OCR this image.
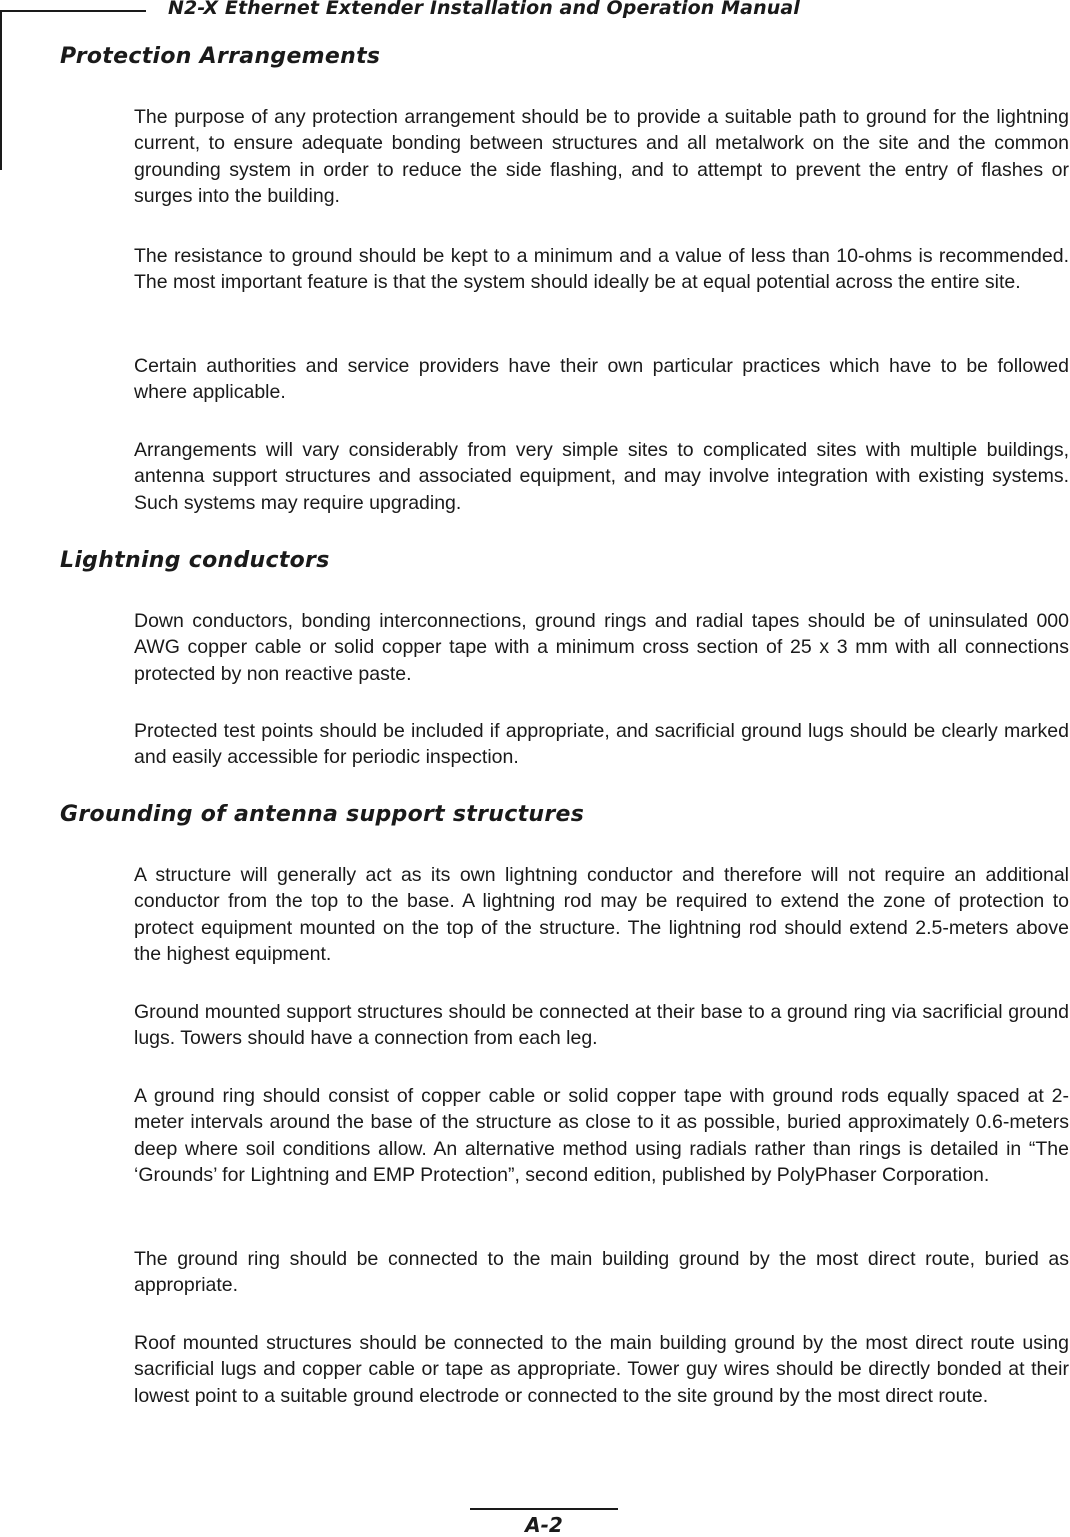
N2-X Ethernet Extender Installation and Operation Manual
Protection Arrangements

The purpose of any protection arrangement should be to provide a suitable path to ground for the lightning current, to ensure adequate bonding between structures and all metalwork on the site and the common grounding system in order to reduce the side flashing, and to attempt to prevent the entry of flashes or surges into the building.

The resistance to ground should be kept to a minimum and a value of less than 10-ohms is recommended. The most important feature is that the system should ideally be at equal potential across the entire site.

Certain authorities and service providers have their own particular practices which have to be followed where applicable.

Arrangements will vary considerably from very simple sites to complicated sites with multiple buildings, antenna support structures and associated equipment, and may involve integration with existing systems. Such systems may require upgrading.

Lightning conductors

Down conductors, bonding interconnections, ground rings and radial tapes should be of uninsulated 000 AWG copper cable or solid copper tape with a minimum cross section of 25 x 3 mm with all connections protected by non reactive paste.

Protected test points should be included if appropriate, and sacrificial ground lugs should be clearly marked and easily accessible for periodic inspection.

Grounding of antenna support structures

A structure will generally act as its own lightning conductor and therefore will not require an additional conductor from the top to the base. A lightning rod may be required to extend the zone of protection to protect equipment mounted on the top of the structure. The lightning rod should extend 2.5-meters above the highest equipment.

Ground mounted support structures should be connected at their base to a ground ring via sacrificial ground lugs. Towers should have a connection from each leg.

A ground ring should consist of copper cable or solid copper tape with ground rods equally spaced at 2-meter intervals around the base of the structure as close to it as possible, buried approximately 0.6-meters deep where soil conditions allow. An alternative method using radials rather than rings is detailed in “The ‘Grounds’ for Lightning and EMP Protection”, second edition, published by PolyPhaser Corporation.

The ground ring should be connected to the main building ground by the most direct route, buried as appropriate.

Roof mounted structures should be connected to the main building ground by the most direct route using sacrificial lugs and copper cable or tape as appropriate. Tower guy wires should be directly bonded at their lowest point to a suitable ground electrode or connected to the site ground by the most direct route.

A-2
